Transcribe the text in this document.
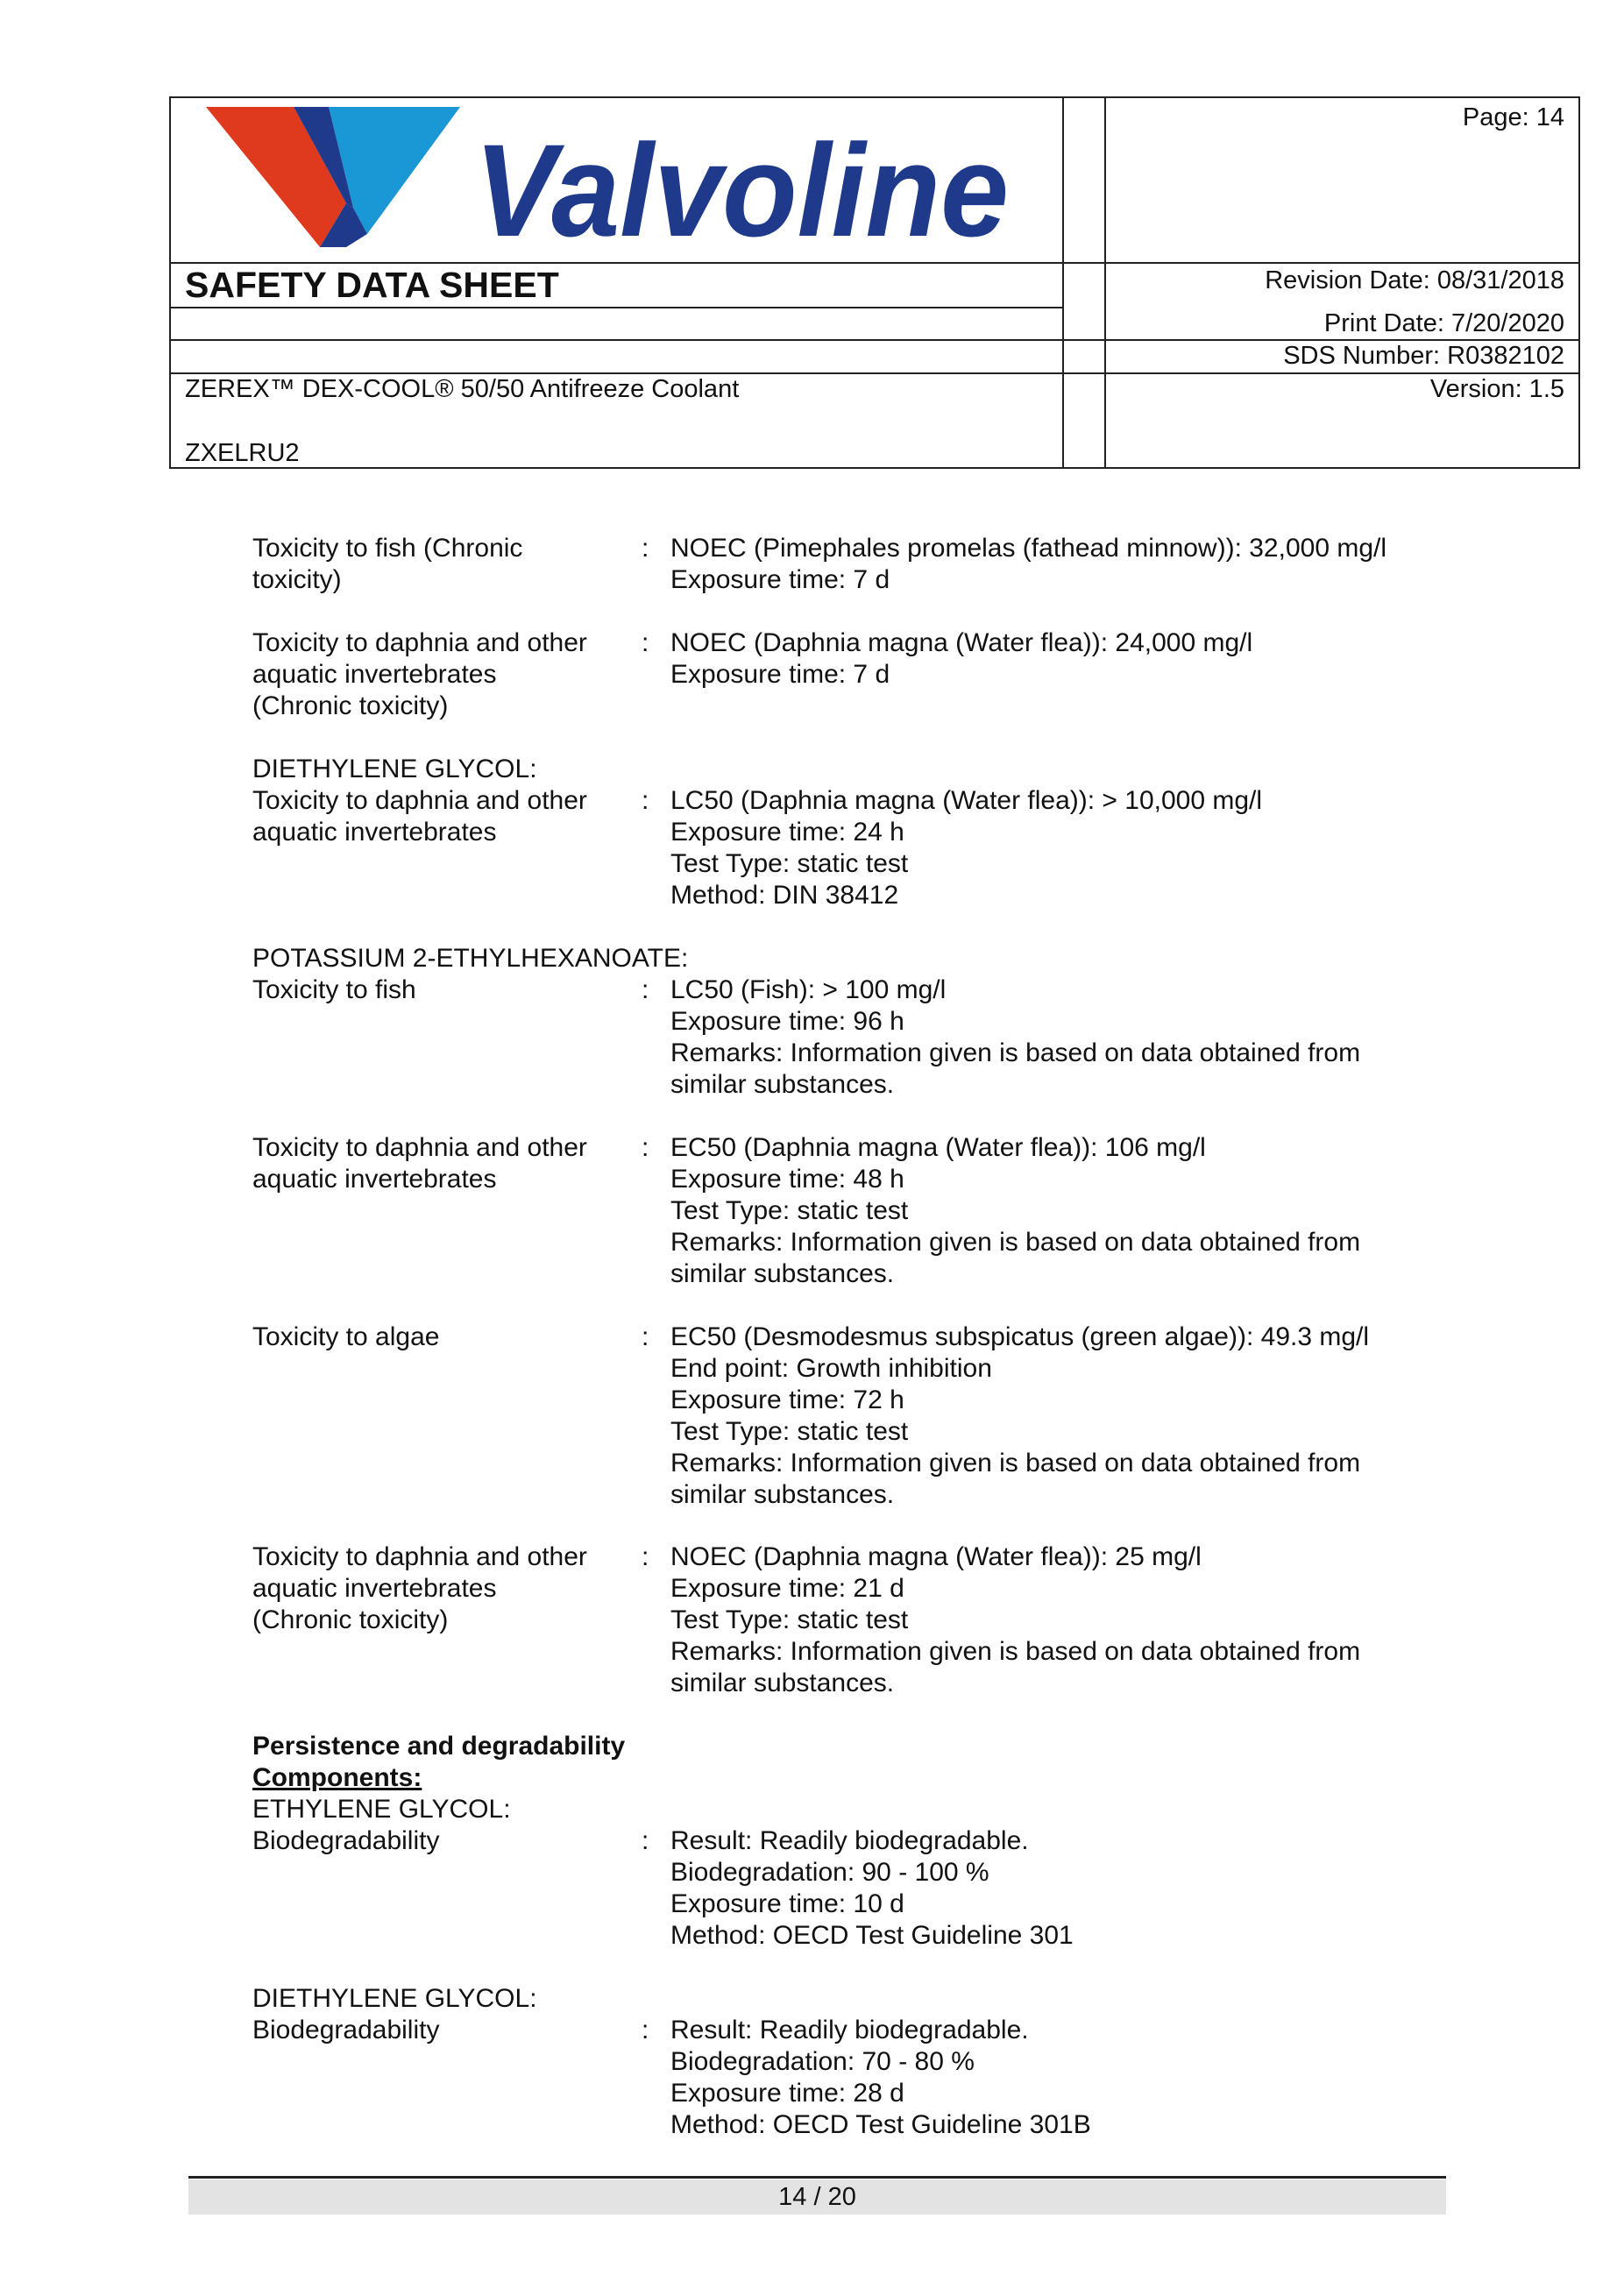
Valvoline	Page: 14
SAFETY DATA SHEET	Revision Date: 08/31/2018
Print Date: 7/20/2020
SDS Number: R0382102
ZEREX™ DEX-COOL® 50/50 Antifreeze Coolant	Version: 1.5
ZXELRU2
Toxicity to fish (Chronic
toxicity)
: NOEC (Pimephales promelas (fathead minnow)): 32,000 mg/l
Exposure time: 7 d
Toxicity to daphnia and other
aquatic invertebrates
(Chronic toxicity)
: NOEC (Daphnia magna (Water flea)): 24,000 mg/l
Exposure time: 7 d
DIETHYLENE GLYCOL:
Toxicity to daphnia and other
aquatic invertebrates
: LC50 (Daphnia magna (Water flea)): > 10,000 mg/l
Exposure time: 24 h
Test Type: static test
Method: DIN 38412
POTASSIUM 2-ETHYLHEXANOATE:
Toxicity to fish	: LC50 (Fish): > 100 mg/l
Exposure time: 96 h
Remarks: Information given is based on data obtained from
similar substances.
Toxicity to daphnia and other
aquatic invertebrates
: EC50 (Daphnia magna (Water flea)): 106 mg/l
Exposure time: 48 h
Test Type: static test
Remarks: Information given is based on data obtained from
similar substances.
Toxicity to algae	: EC50 (Desmodesmus subspicatus (green algae)): 49.3 mg/l
End point: Growth inhibition
Exposure time: 72 h
Test Type: static test
Remarks: Information given is based on data obtained from
similar substances.
Toxicity to daphnia and other
aquatic invertebrates
(Chronic toxicity)
: NOEC (Daphnia magna (Water flea)): 25 mg/l
Exposure time: 21 d
Test Type: static test
Remarks: Information given is based on data obtained from
similar substances.
Persistence and degradability
Components:
ETHYLENE GLYCOL:
Biodegradability	: Result: Readily biodegradable.
Biodegradation: 90 - 100 %
Exposure time: 10 d
Method: OECD Test Guideline 301
DIETHYLENE GLYCOL:
Biodegradability	: Result: Readily biodegradable.
Biodegradation: 70 - 80 %
Exposure time: 28 d
Method: OECD Test Guideline 301B
14 / 20
